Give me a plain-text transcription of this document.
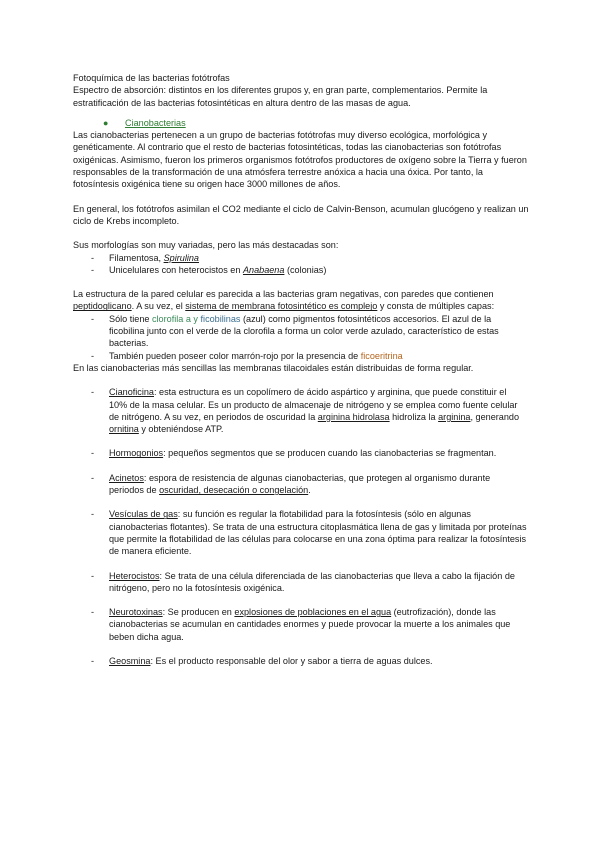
Fotoquímica de las bacterias fotótrofas

Espectro de absorción: distintos en los diferentes grupos y, en gran parte, complementarios. Permite la estratificación de las bacterias fotosintéticas en altura dentro de las masas de agua.

●	Cianobacterias

Las cianobacterias pertenecen a un grupo de bacterias fotótrofas muy diverso ecológica, morfológica y genéticamente. Al contrario que el resto de bacterias fotosintéticas, todas las cianobacterias son fotótrofas oxigénicas. Asimismo, fueron los primeros organismos fotótrofos productores de oxígeno sobre la Tierra y fueron responsables de la transformación de una atmósfera terrestre anóxica a hacia una óxica. Por tanto, la fotosíntesis oxigénica tiene su origen hace 3000 millones de años.

En general, los fotótrofos asimilan el CO2 mediante el ciclo de Calvin-Benson, acumulan glucógeno y realizan un ciclo de Krebs incompleto.

Sus morfologías son muy variadas, pero las más destacadas son:

-	Filamentosa, Spirulina
-	Unicelulares con heterocistos en Anabaena (colonias)

La estructura de la pared celular es parecida a las bacterias gram negativas, con paredes que contienen peptidoglicano. A su vez, el sistema de membrana fotosintético es complejo y consta de múltiples capas:

-	Sólo tiene clorofila a y ficobilinas (azul) como pigmentos fotosintéticos accesorios. El azul de la ficobilina junto con el verde de la clorofila a forma un color verde azulado, característico de estas bacterias.
-	También pueden poseer color marrón-rojo por la presencia de ficoeritrina

En las cianobacterias más sencillas las membranas tilacoidales están distribuidas de forma regular.

-	Cianoficina: esta estructura es un copolímero de ácido aspártico y arginina, que puede constituir el 10% de la masa celular. Es un producto de almacenaje de nitrógeno y se emplea como fuente celular de nitrógeno. A su vez, en periodos de oscuridad la arginina hidrolasa hidroliza la arginina, generando ornitina y obteniéndose ATP.
-	Hormogonios: pequeños segmentos que se producen cuando las cianobacterias se fragmentan.
-	Acinetos: espora de resistencia de algunas cianobacterias, que protegen al organismo durante periodos de oscuridad, desecación o congelación.
-	Vesículas de gas: su función es regular la flotabilidad para la fotosíntesis (sólo en algunas cianobacterias flotantes). Se trata de una estructura citoplasmática llena de gas y limitada por proteínas que permite la flotabilidad de las células para colocarse en una zona óptima para realizar la fotosíntesis de manera eficiente.
-	Heterocistos: Se trata de una célula diferenciada de las cianobacterias que lleva a cabo la fijación de nitrógeno, pero no la fotosíntesis oxigénica.
-	Neurotoxinas: Se producen en explosiones de poblaciones en el agua (eutrofización), donde las cianobacterias se acumulan en cantidades enormes y puede provocar la muerte a los animales que beben dicha agua.
-	Geosmina: Es el producto responsable del olor y sabor a tierra de aguas dulces.
